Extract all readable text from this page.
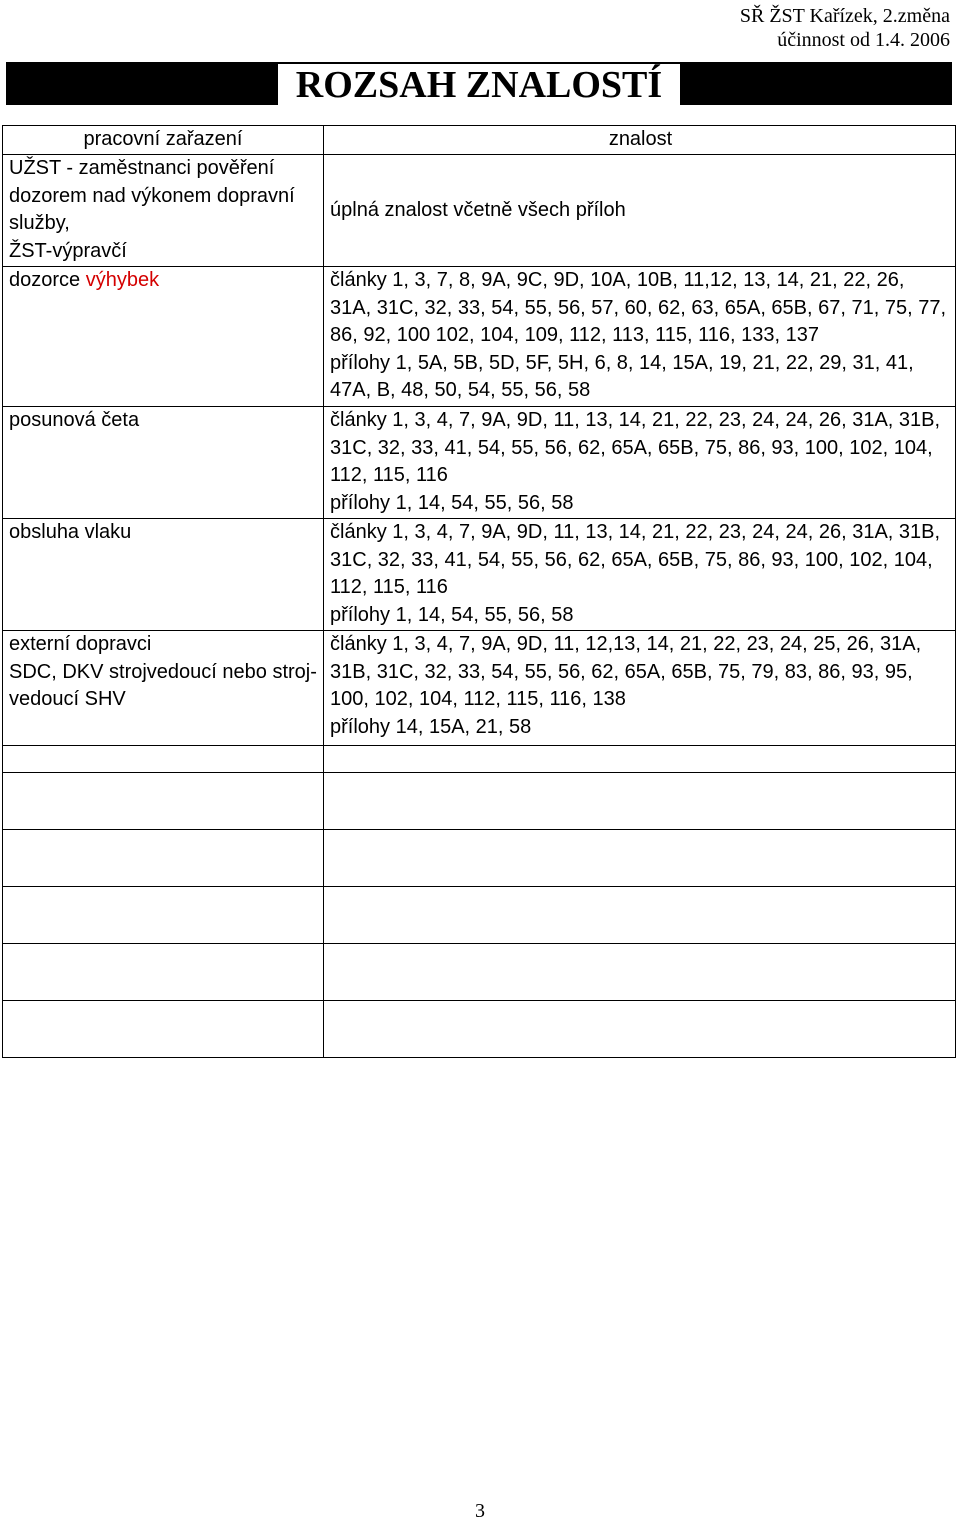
SŘ ŽST Kařízek, 2.změna
účinnost od 1.4. 2006
ROZSAH ZNALOSTÍ
pracovní zařazení	znalost

UŽST - zaměstnanci pověření
dozorem nad výkonem dopravní
služby,
ŽST-výpravčí	úplná znalost včetně všech příloh
dozorce výhybek	články 1, 3, 7, 8, 9A, 9C, 9D, 10A, 10B, 11,12, 13, 14, 21, 22, 26, 31A, 31C, 32, 33, 54, 55, 56, 57, 60, 62, 63, 65A, 65B, 67, 71, 75, 77, 86, 92, 100 102, 104, 109, 112, 113, 115, 116, 133, 137
přílohy 1, 5A, 5B, 5D, 5F, 5H, 6, 8, 14, 15A, 19, 21, 22, 29, 31, 41, 47A, B, 48, 50, 54, 55, 56, 58

posunová četa	články 1, 3, 4, 7, 9A, 9D, 11, 13, 14, 21, 22, 23, 24, 24, 26, 31A, 31B, 31C, 32, 33, 41, 54, 55, 56, 62, 65A, 65B, 75, 86, 93, 100, 102, 104, 112, 115, 116
přílohy 1, 14, 54, 55, 56, 58

obsluha vlaku	články 1, 3, 4, 7, 9A, 9D, 11, 13, 14, 21, 22, 23, 24, 24, 26, 31A, 31B, 31C, 32, 33, 41, 54, 55, 56, 62, 65A, 65B, 75, 86, 93, 100, 102, 104, 112, 115, 116
přílohy 1, 14, 54, 55, 56, 58

externí dopravci
SDC, DKV strojvedoucí nebo stroj-
vedoucí SHV	články 1, 3, 4, 7, 9A, 9D, 11, 12,13, 14, 21, 22, 23, 24, 25, 26, 31A, 31B, 31C, 32, 33, 54, 55, 56, 62, 65A, 65B, 75, 79, 83, 86, 93, 95, 100, 102, 104, 112, 115, 116, 138
přílohy 14, 15A, 21, 58

3
